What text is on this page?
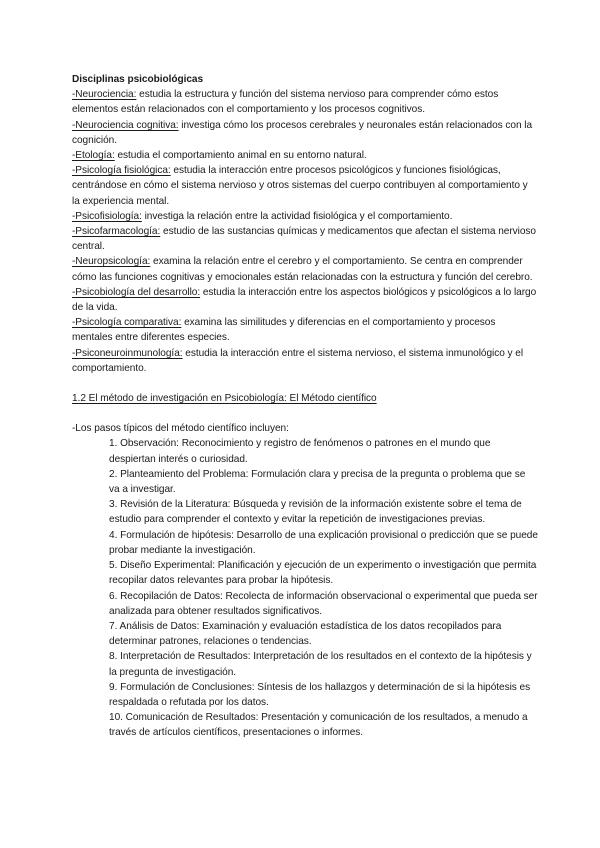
Disciplinas psicobiológicas
-Neurociencia: estudia la estructura y función del sistema nervioso para comprender cómo estos elementos están relacionados con el comportamiento y los procesos cognitivos.
-Neurociencia cognitiva: investiga cómo los procesos cerebrales y neuronales están relacionados con la cognición.
-Etología: estudia el comportamiento animal en su entorno natural.
-Psicología fisiológica: estudia la interacción entre procesos psicológicos y funciones fisiológicas, centrándose en cómo el sistema nervioso y otros sistemas del cuerpo contribuyen al comportamiento y la experiencia mental.
-Psicofisiología: investiga la relación entre la actividad fisiológica y el comportamiento.
-Psicofarmacología: estudio de las sustancias químicas y medicamentos que afectan el sistema nervioso central.
-Neuropsicología: examina la relación entre el cerebro y el comportamiento. Se centra en comprender cómo las funciones cognitivas y emocionales están relacionadas con la estructura y función del cerebro.
-Psicobiología del desarrollo: estudia la interacción entre los aspectos biológicos y psicológicos a lo largo de la vida.
-Psicología comparativa: examina las similitudes y diferencias en el comportamiento y procesos mentales entre diferentes especies.
-Psiconeuroinmunología: estudia la interacción entre el sistema nervioso, el sistema inmunológico y el comportamiento.
1.2 El método de investigación en Psicobiología: El Método científico
-Los pasos típicos del método científico incluyen:
1. Observación: Reconocimiento y registro de fenómenos o patrones en el mundo que despiertan interés o curiosidad.
2. Planteamiento del Problema: Formulación clara y precisa de la pregunta o problema que se va a investigar.
3. Revisión de la Literatura: Búsqueda y revisión de la información existente sobre el tema de estudio para comprender el contexto y evitar la repetición de investigaciones previas.
4. Formulación de hipótesis: Desarrollo de una explicación provisional o predicción que se puede probar mediante la investigación.
5. Diseño Experimental: Planificación y ejecución de un experimento o investigación que permita recopilar datos relevantes para probar la hipótesis.
6. Recopilación de Datos: Recolecta de información observacional o experimental que pueda ser analizada para obtener resultados significativos.
7. Análisis de Datos: Examinación y evaluación estadística de los datos recopilados para determinar patrones, relaciones o tendencias.
8. Interpretación de Resultados: Interpretación de los resultados en el contexto de la hipótesis y la pregunta de investigación.
9. Formulación de Conclusiones: Síntesis de los hallazgos y determinación de si la hipótesis es respaldada o refutada por los datos.
10. Comunicación de Resultados: Presentación y comunicación de los resultados, a menudo a través de artículos científicos, presentaciones o informes.
